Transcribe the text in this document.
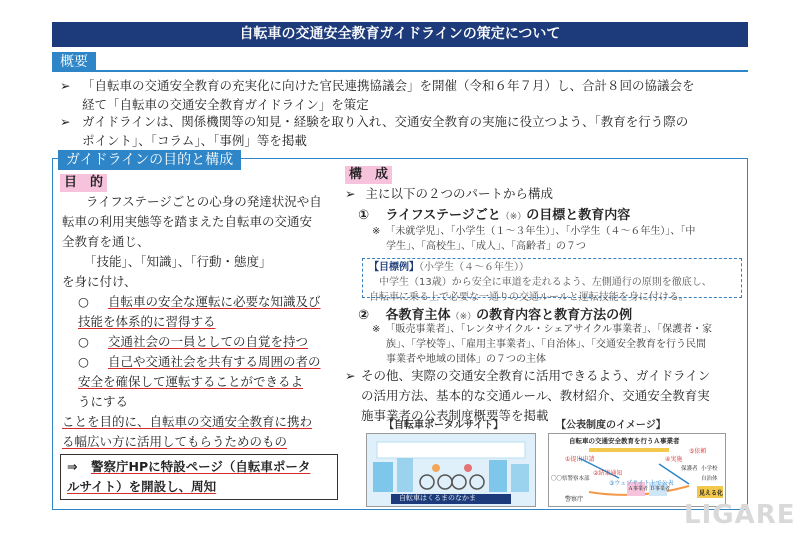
自転車の交通安全教育ガイドラインの策定について
概要
➢ 「自転車の交通安全教育の充実化に向けた官民連携協議会」を開催（令和６年７月）し、合計８回の協議会を
経て「自転車の交通安全教育ガイドライン」を策定
➢ ガイドラインは、関係機関等の知見・経験を取り入れ、交通安全教育の実施に役立つよう、「教育を行う際の
ポイント」、「コラム」、「事例」等を掲載
ガイドラインの目的と構成
目　的
ライフステージごとの心身の発達状況や自
転車の利用実態等を踏まえた自転車の交通安
全教育を通じ、
「技能」、「知識」、「行動・態度」
を身に付け、
○ 自転車の安全な運転に必要な知識及び
技能を体系的に習得する
○ 交通社会の一員としての自覚を持つ
○ 自己や交通社会を共有する周囲の者の
安全を確保して運転することができるよ
うにする
ことを目的に、自転車の交通安全教育に携わ
る幅広い方に活用してもらうためのもの
⇒ 警察庁HPに特設ページ（自転車ポータ
ルサイト）を開設し、周知
構　成
➢ 主に以下の２つのパートから構成
① ライフステージごと（※）の目標と教育内容
※　「未就学児」、「小学生（１～３年生）」、「小学生（４～６年生）」、「中
学生」、「高校生」、「成人」、「高齢者」の７つ
【目標例】（小学生（４～６年生））
中学生（13歳）から安全に車道を走れるよう、左側通行の原則を徹底し、
自転車に乗る上で必要な一通りの交通ルールと運転技能を身に付ける。
② 各教育主体（※）の教育内容と教育方法の例
※　「販売事業者」、「レンタサイクル・シェアサイクル事業者」、「保護者・家
族」、「学校等」、「雇用主事業者」、「自治体」、「交通安全教育を行う民間
事業者や地域の団体」の７つの主体
➢ その他、実際の交通安全教育に活用できるよう、ガイドライン
の活用方法、基本的な交通ルール、教材紹介、交通安全教育実
施事業者の公表制度概要等を掲載
【自転車ポータルサイト】
自転車はくるまのなかま
【公表制度のイメージ】
自転車の交通安全教育を行うＡ事業者
①提出申請
②結果通知
③ウェブサイト上で公表
④実施
⑤依頼
見える化
Ａ事業者 Ｂ事業者
警察庁
〇〇県警察本部
保護者 小学校
自治体
LIGARE
